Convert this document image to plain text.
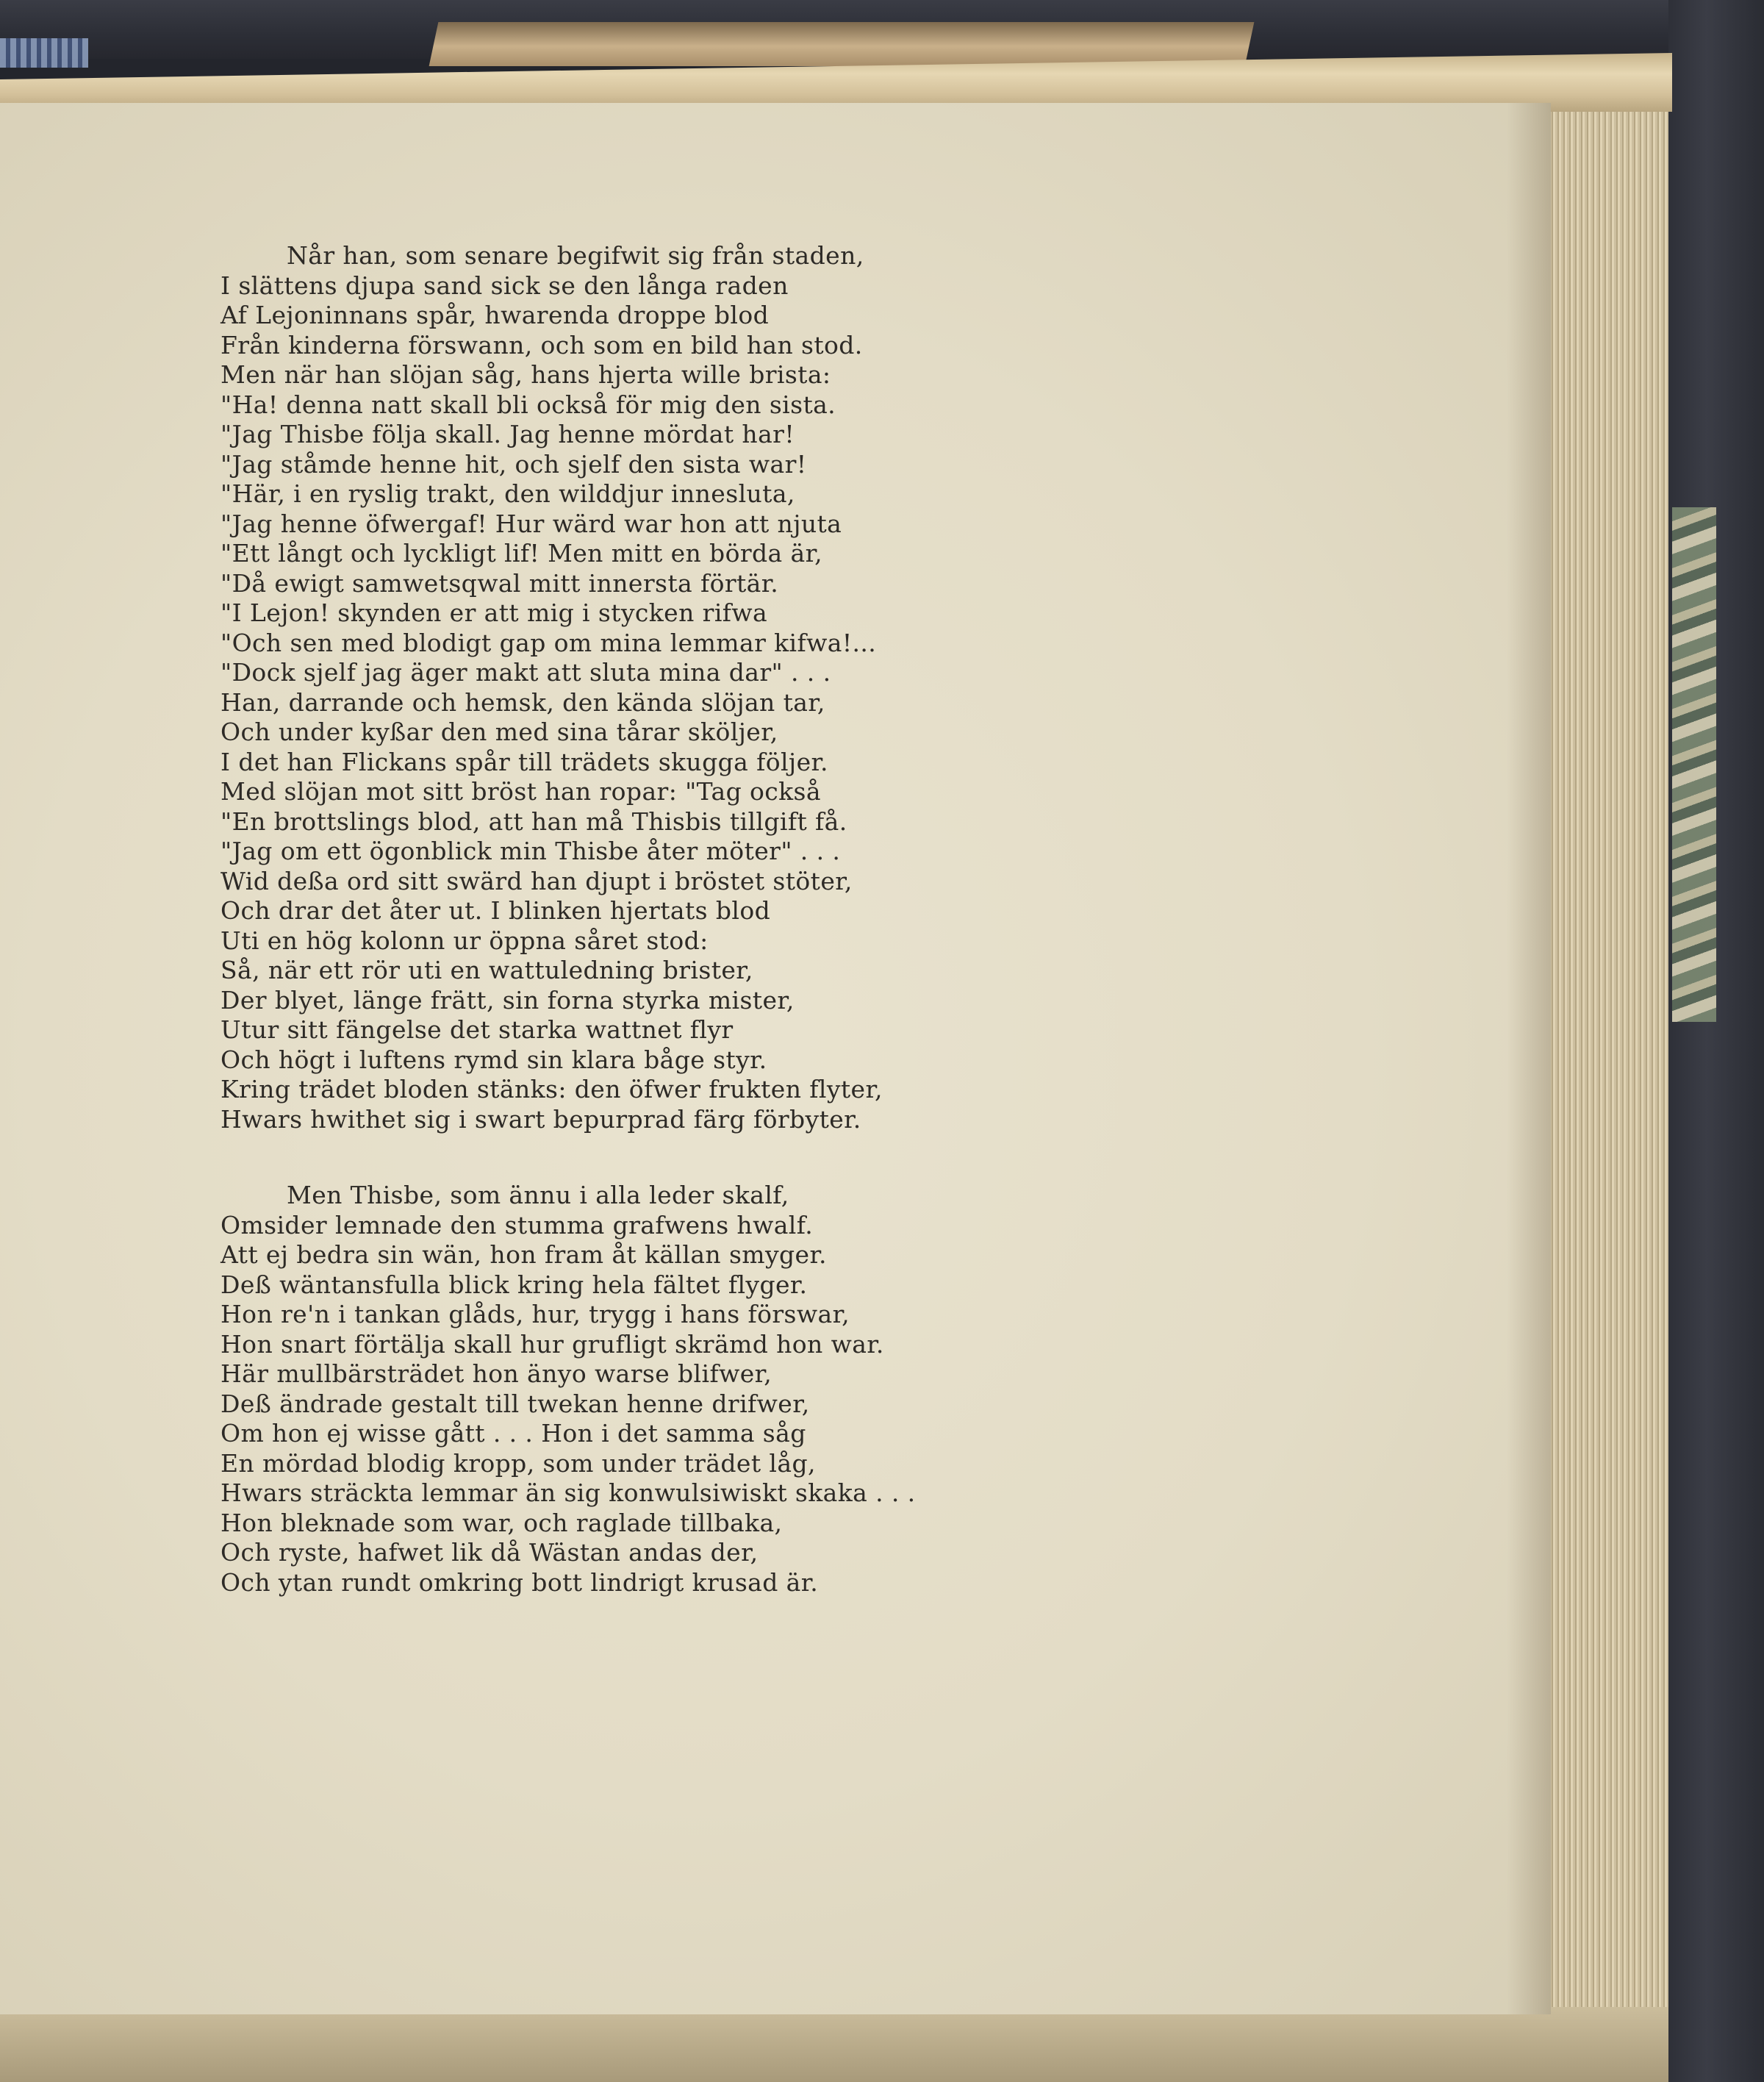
Når han, som senare begifwit sig från staden,
I slättens djupa sand sick se den långa raden
Af Lejoninnans spår, hwarenda droppe blod
Från kinderna förswann, och som en bild han stod.
Men när han slöjan såg, hans hjerta wille brista:
"Ha! denna natt skall bli också för mig den sista.
"Jag Thisbe följa skall. Jag henne mördat har!
"Jag ståmde henne hit, och sjelf den sista war!
"Här, i en ryslig trakt, den wilddjur innesluta,
"Jag henne öfwergaf! Hur wärd war hon att njuta
"Ett långt och lyckligt lif! Men mitt en börda är,
"Då ewigt samwetsqwal mitt innersta förtär.
"I Lejon! skynden er att mig i stycken rifwa
"Och sen med blodigt gap om mina lemmar kifwa!...
"Dock sjelf jag äger makt att sluta mina dar" . . .
Han, darrande och hemsk, den kända slöjan tar,
Och under kyßar den med sina tårar sköljer,
I det han Flickans spår till trädets skugga följer.
Med slöjan mot sitt bröst han ropar: "Tag också
"En brottslings blod, att han må Thisbis tillgift få.
"Jag om ett ögonblick min Thisbe åter möter" . . .
Wid deßa ord sitt swärd han djupt i bröstet stöter,
Och drar det åter ut. I blinken hjertats blod
Uti en hög kolonn ur öppna såret stod:
Så, när ett rör uti en wattuledning brister,
Der blyet, länge frätt, sin forna styrka mister,
Utur sitt fängelse det starka wattnet flyr
Och högt i luftens rymd sin klara båge styr.
Kring trädet bloden stänks: den öfwer frukten flyter,
Hwars hwithet sig i swart bepurprad färg förbyter.
Men Thisbe, som ännu i alla leder skalf,
Omsider lemnade den stumma grafwens hwalf.
Att ej bedra sin wän, hon fram åt källan smyger.
Deß wäntansfulla blick kring hela fältet flyger.
Hon re'n i tankan glåds, hur, trygg i hans förswar,
Hon snart förtälja skall hur grufligt skrämd hon war.
Här mullbärsträdet hon änyo warse blifwer,
Deß ändrade gestalt till twekan henne drifwer,
Om hon ej wisse gått . . . Hon i det samma såg
En mördad blodig kropp, som under trädet låg,
Hwars sträckta lemmar än sig konwulsiwiskt skaka . . .
Hon bleknade som war, och raglade tillbaka,
Och ryste, hafwet lik då Wästan andas der,
Och ytan rundt omkring bott lindrigt krusad är.
